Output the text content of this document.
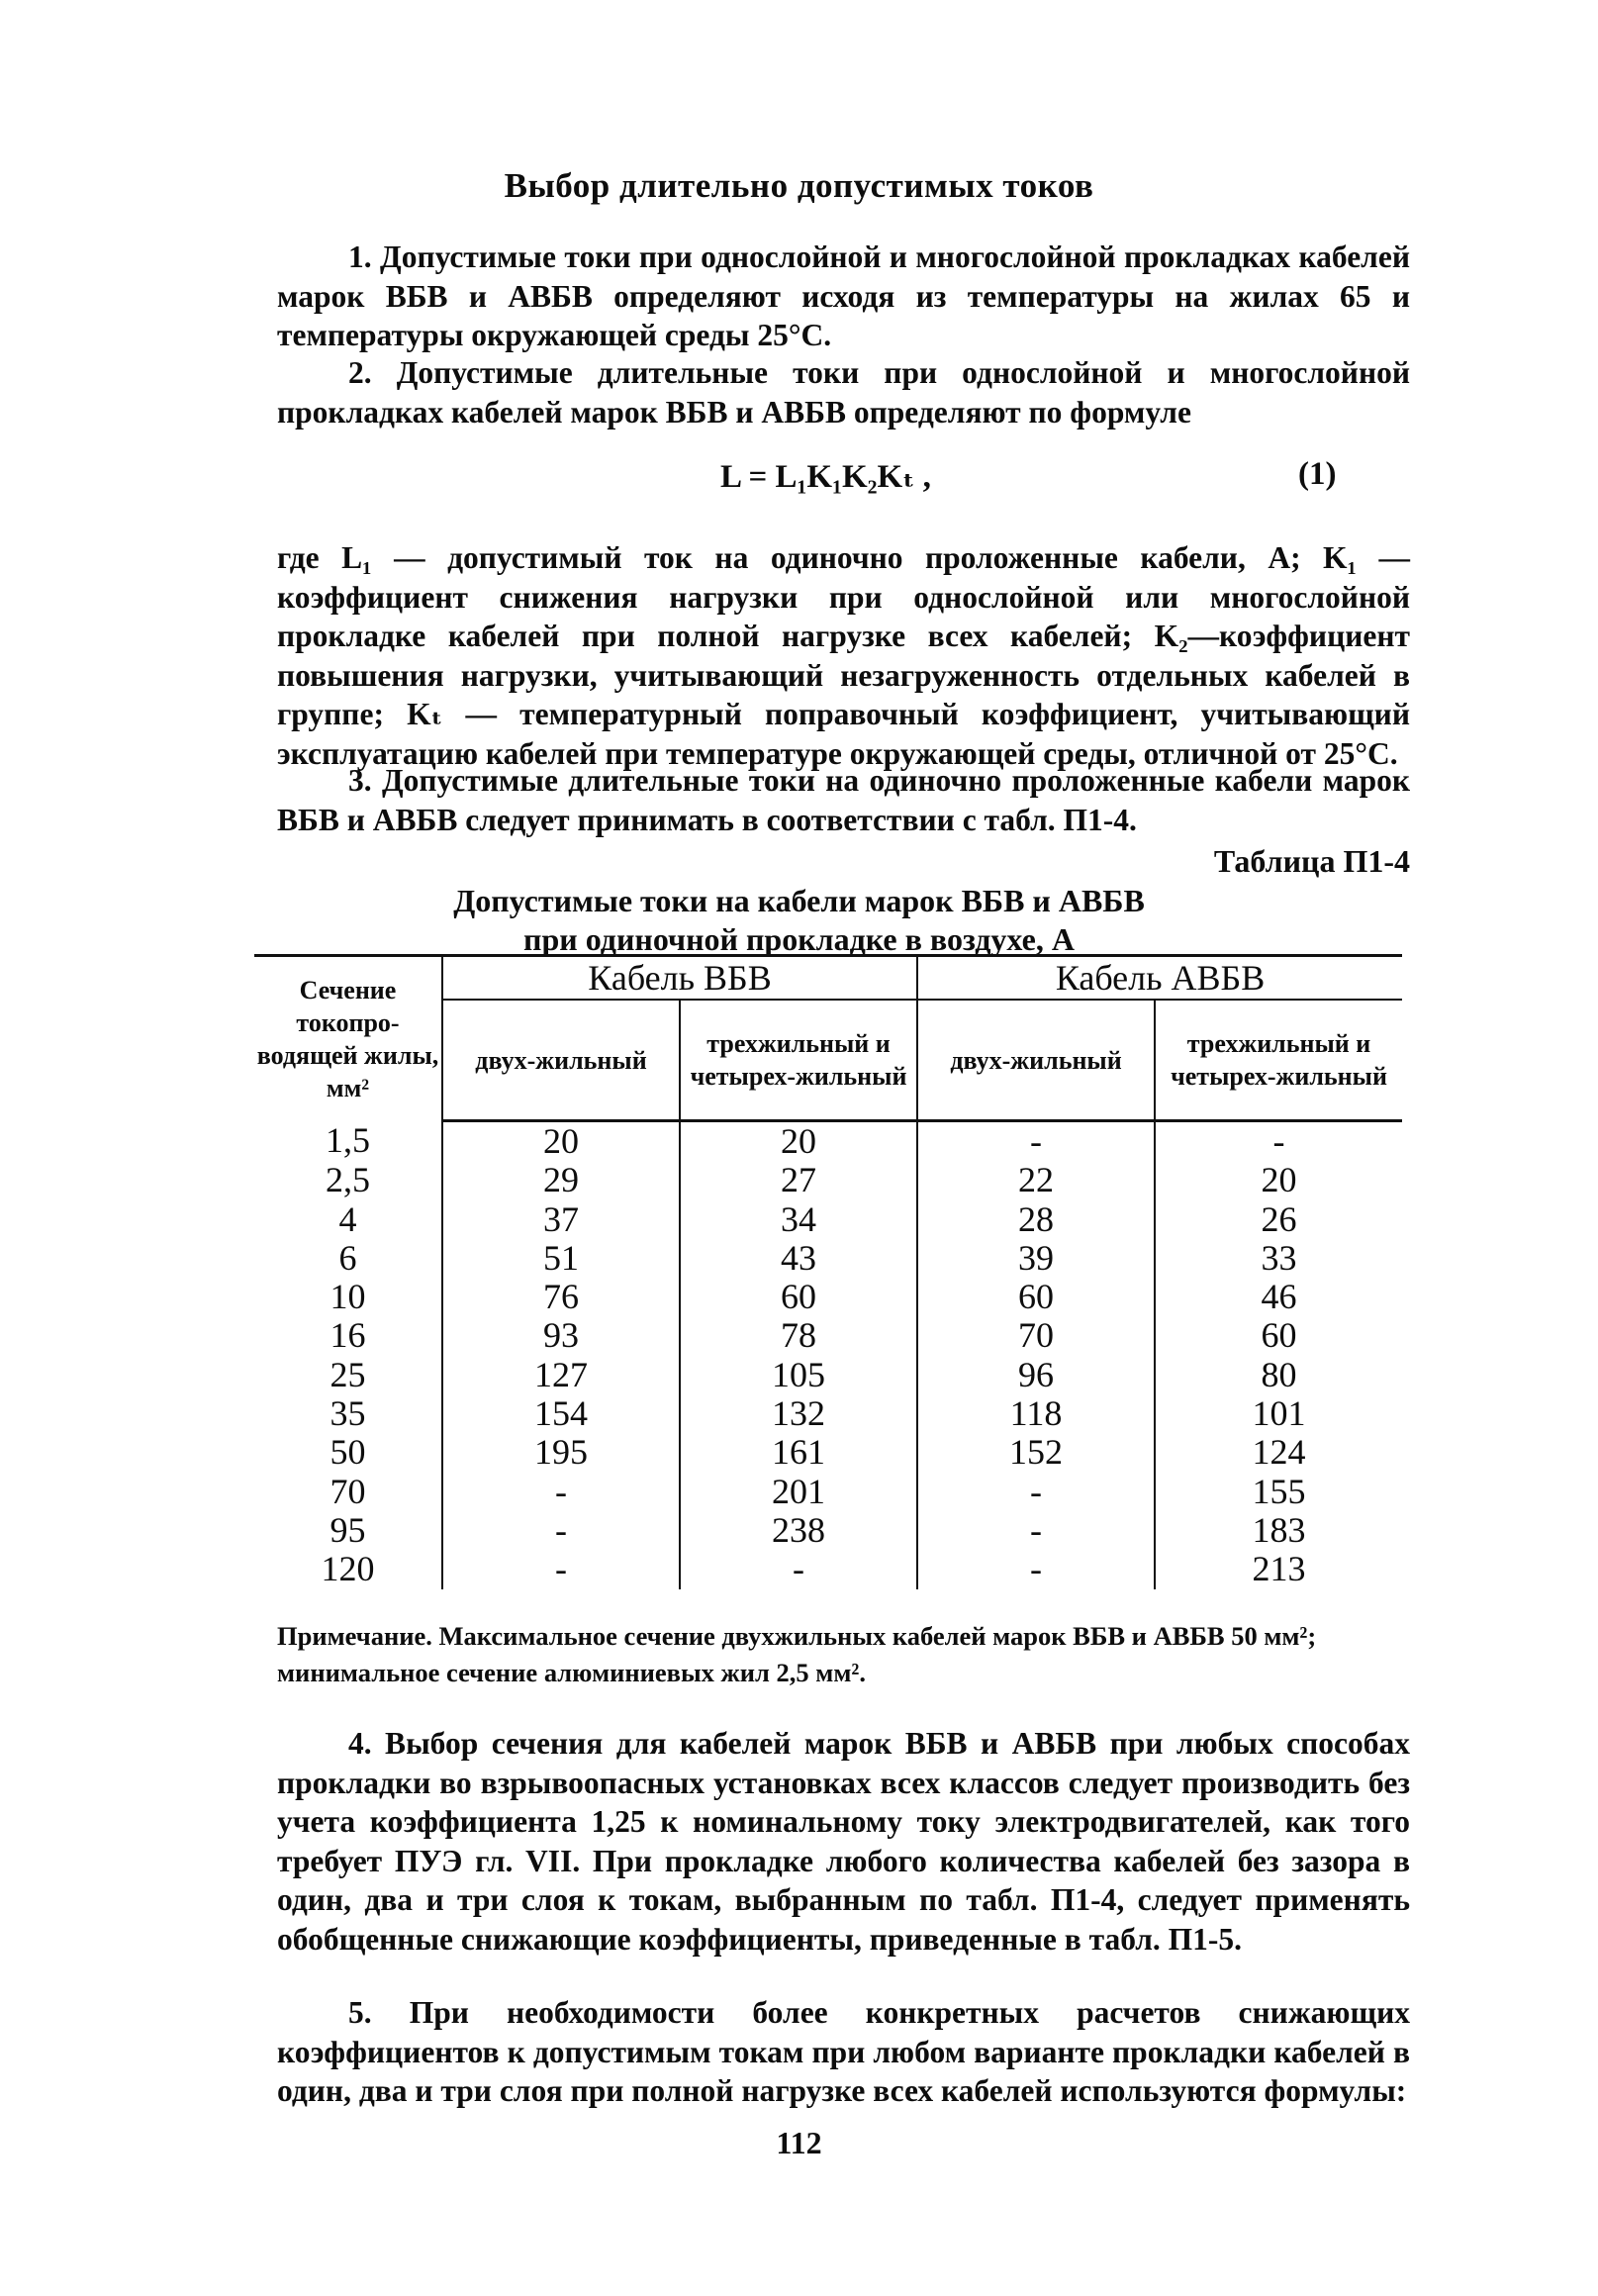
Выбор длительно допустимых токов

1. Допустимые токи при однослойной и многослойной прокладках кабелей марок ВБВ и АВБВ определяют исходя из температуры на жилах 65 и температуры окружающей среды 25°С.

2. Допустимые длительные токи при однослойной и многослойной прокладках кабелей марок ВБВ и АВБВ определяют по формуле

L = L₁K₁K₂Kₜ ,	(1)

где L₁ — допустимый ток на одиночно проложенные кабели, А; K₁ — коэффициент снижения нагрузки при однослойной или многослойной прокладке кабелей при полной нагрузке всех кабелей; K₂—коэффициент повышения нагрузки, учитывающий незагруженность отдельных кабелей в группе; Kₜ — температурный поправочный коэффициент, учитывающий эксплуатацию кабелей при температуре окружающей среды, отличной от 25°С.

3. Допустимые длительные токи на одиночно проложенные кабели марок ВБВ и АВБВ следует принимать в соответствии с табл. П1-4.

Таблица П1-4
Допустимые токи на кабели марок ВБВ и АВБВ
при одиночной прокладке в воздухе, А
Сечение токопро-водящей жилы, мм²	Кабель ВБВ		Кабель АВБВ	
	двух-жильный	трехжильный и четырех-жильный	двух-жильный	трехжильный и четырех-жильный
1,5	20	20	-	-
2,5	29	27	22	20
4	37	34	28	26
6	51	43	39	33
10	76	60	60	46
16	93	78	70	60
25	127	105	96	80
35	154	132	118	101
50	195	161	152	124
70	-	201	-	155
95	-	238	-	183
120	-	-	-	213
Примечание. Максимальное сечение двухжильных кабелей марок ВБВ и АВБВ 50 мм²;
минимальное сечение алюминиевых жил 2,5 мм².

4. Выбор сечения для кабелей марок ВБВ и АВБВ при любых способах прокладки во взрывоопасных установках всех классов следует производить без учета коэффициента 1,25 к номинальному току электродвигателей, как того требует ПУЭ гл. VII. При прокладке любого количества кабелей без зазора в один, два и три слоя к токам, выбранным по табл. П1-4, следует применять обобщенные снижающие коэффициенты, приведенные в табл. П1-5.

5. При необходимости более конкретных расчетов снижающих коэффициентов к допустимым токам при любом варианте прокладки кабелей в один, два и три слоя при полной нагрузке всех кабелей используются формулы:

112
